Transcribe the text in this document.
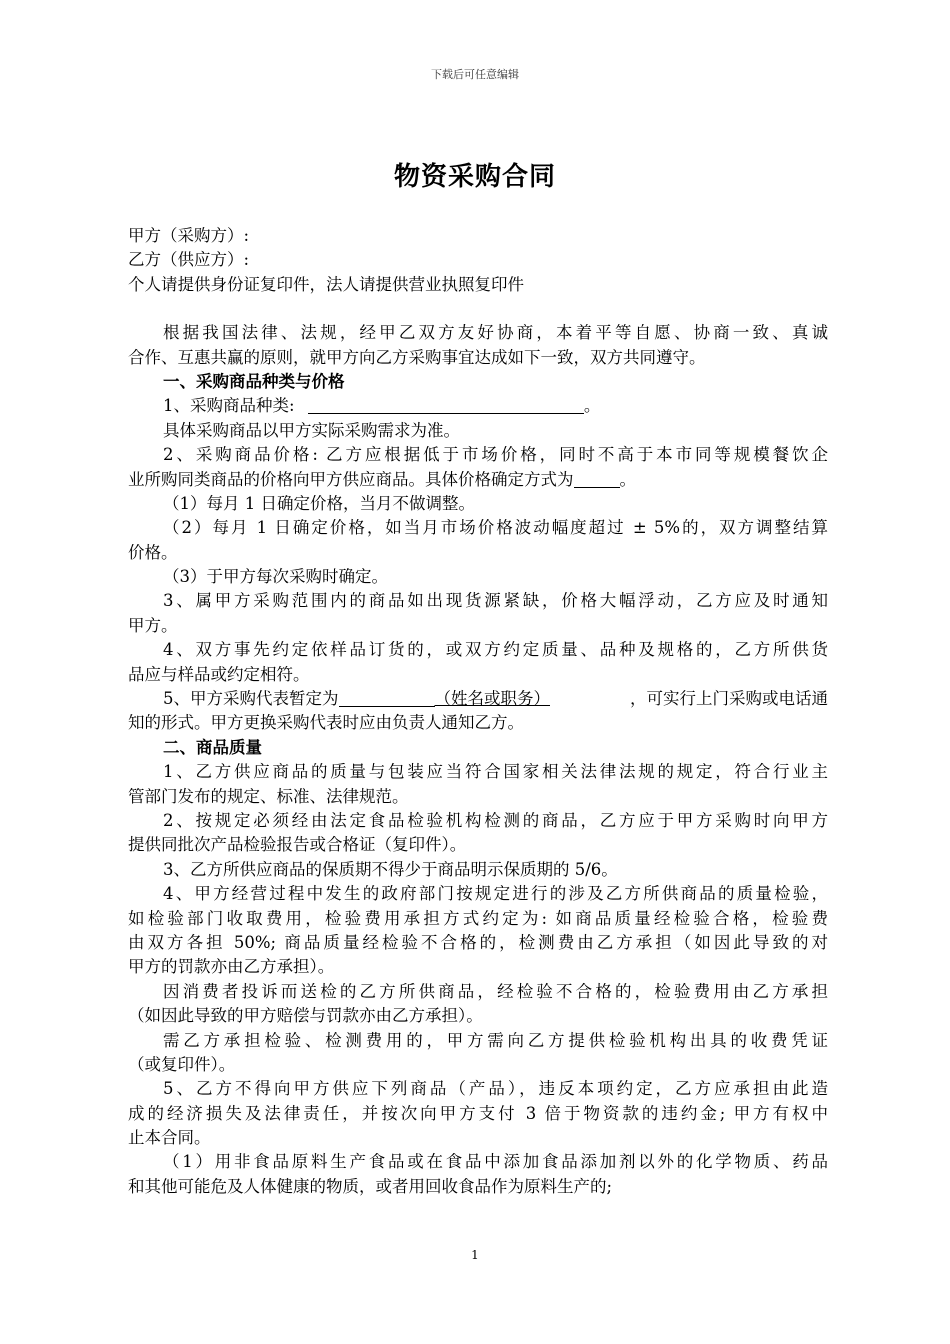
下载后可任意编辑
物资采购合同
甲方（采购方）:
乙方（供应方）:
个人请提供身份证复印件，法人请提供营业执照复印件
根据我国法律、法规，经甲乙双方友好协商，本着平等自愿、协商一致、真诚
合作、互惠共赢的原则，就甲方向乙方采购事宜达成如下一致，双方共同遵守。
一、采购商品种类与价格
1、采购商品种类:	。
具体采购商品以甲方实际采购需求为准。
2、采购商品价格: 乙方应根据低于市场价格，同时不高于本市同等规模餐饮企
业所购同类商品的价格向甲方供应商品。具体价格确定方式为	。
（1）每月 1 日确定价格，当月不做调整。
（2）每月 1 日确定价格，如当月市场价格波动幅度超过 ± 5%的，双方调整结算
价格。
（3）于甲方每次采购时确定。
3、属甲方采购范围内的商品如出现货源紧缺，价格大幅浮动，乙方应及时通知
甲方。
4、双方事先约定依样品订货的，或双方约定质量、品种及规格的，乙方所供货
品应与样品或约定相符。
5、甲方采购代表暂定为	（姓名或职务）	，可实行上门采购或电话通
知的形式。甲方更换采购代表时应由负责人通知乙方。
二、商品质量
1、乙方供应商品的质量与包装应当符合国家相关法律法规的规定，符合行业主
管部门发布的规定、标准、法律规范。
2、按规定必须经由法定食品检验机构检测的商品，乙方应于甲方采购时向甲方
提供同批次产品检验报告或合格证（复印件）。
3、乙方所供应商品的保质期不得少于商品明示保质期的 5/6。
4、甲方经营过程中发生的政府部门按规定进行的涉及乙方所供商品的质量检验，
如检验部门收取费用，检验费用承担方式约定为: 如商品质量经检验合格，检验费
由双方各担 50%; 商品质量经检验不合格的，检测费由乙方承担（如因此导致的对
甲方的罚款亦由乙方承担）。
因消费者投诉而送检的乙方所供商品，经检验不合格的，检验费用由乙方承担
（如因此导致的甲方赔偿与罚款亦由乙方承担）。
需乙方承担检验、检测费用的，甲方需向乙方提供检验机构出具的收费凭证
（或复印件）。
5、乙方不得向甲方供应下列商品（产品），违反本项约定，乙方应承担由此造
成的经济损失及法律责任，并按次向甲方支付 3 倍于物资款的违约金; 甲方有权中
止本合同。
（1）用非食品原料生产食品或在食品中添加食品添加剂以外的化学物质、药品
和其他可能危及人体健康的物质，或者用回收食品作为原料生产的;
1
